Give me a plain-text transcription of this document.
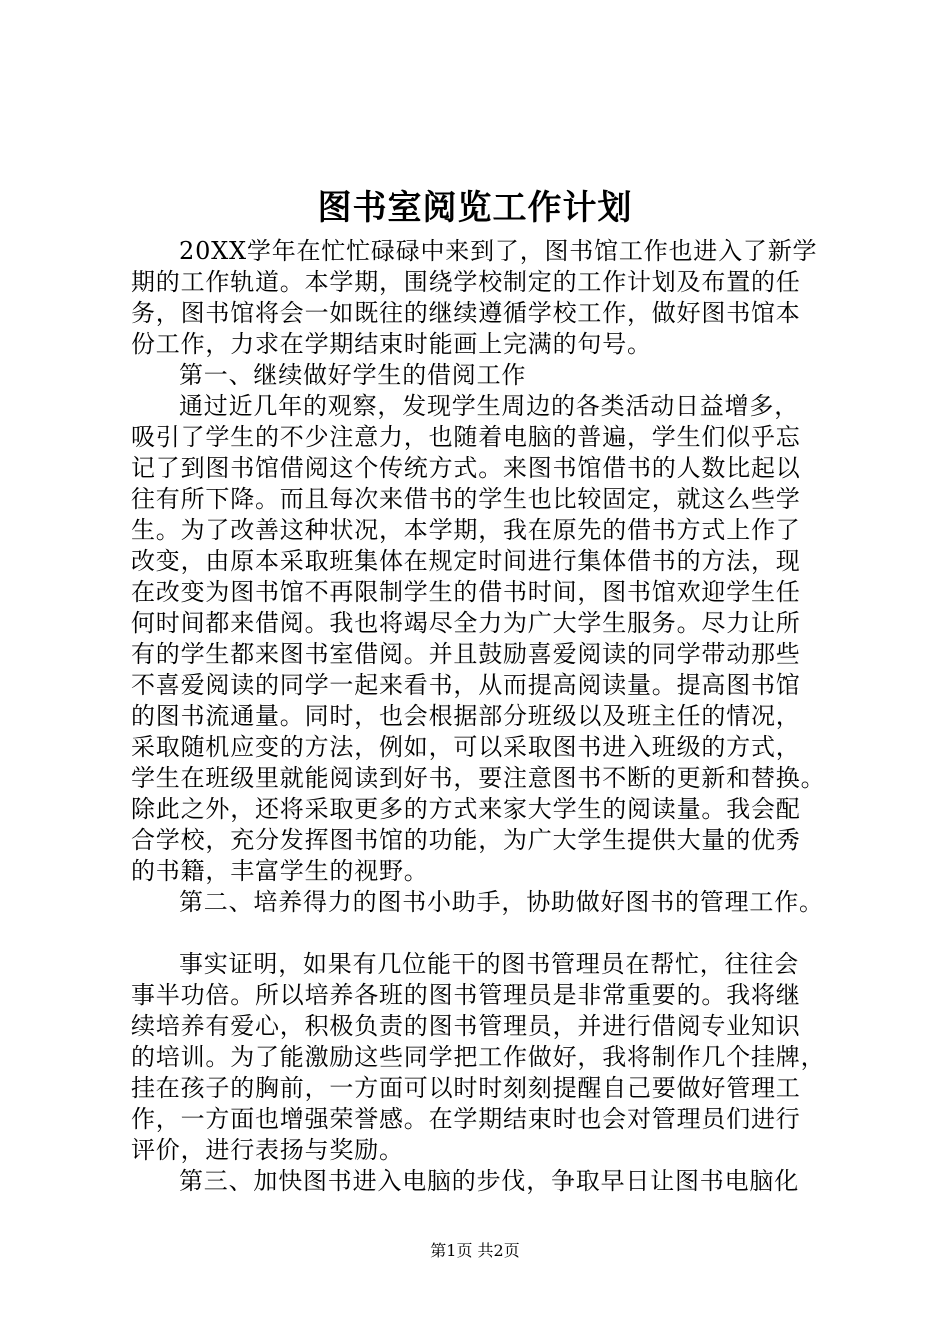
图书室阅览工作计划
20XX学年在忙忙碌碌中来到了，图书馆工作也进入了新学
期的工作轨道。本学期，围绕学校制定的工作计划及布置的任
务，图书馆将会一如既往的继续遵循学校工作，做好图书馆本
份工作，力求在学期结束时能画上完满的句号。
第一、继续做好学生的借阅工作
通过近几年的观察，发现学生周边的各类活动日益增多，
吸引了学生的不少注意力，也随着电脑的普遍，学生们似乎忘
记了到图书馆借阅这个传统方式。来图书馆借书的人数比起以
往有所下降。而且每次来借书的学生也比较固定，就这么些学
生。为了改善这种状况，本学期，我在原先的借书方式上作了
改变，由原本采取班集体在规定时间进行集体借书的方法，现
在改变为图书馆不再限制学生的借书时间，图书馆欢迎学生任
何时间都来借阅。我也将竭尽全力为广大学生服务。尽力让所
有的学生都来图书室借阅。并且鼓励喜爱阅读的同学带动那些
不喜爱阅读的同学一起来看书，从而提高阅读量。提高图书馆
的图书流通量。同时，也会根据部分班级以及班主任的情况，
采取随机应变的方法，例如，可以采取图书进入班级的方式，
学生在班级里就能阅读到好书，要注意图书不断的更新和替换。
除此之外，还将采取更多的方式来家大学生的阅读量。我会配
合学校，充分发挥图书馆的功能，为广大学生提供大量的优秀
的书籍，丰富学生的视野。
第二、培养得力的图书小助手，协助做好图书的管理工作。
事实证明，如果有几位能干的图书管理员在帮忙，往往会
事半功倍。所以培养各班的图书管理员是非常重要的。我将继
续培养有爱心，积极负责的图书管理员，并进行借阅专业知识
的培训。为了能激励这些同学把工作做好，我将制作几个挂牌，
挂在孩子的胸前，一方面可以时时刻刻提醒自己要做好管理工
作，一方面也增强荣誉感。在学期结束时也会对管理员们进行
评价，进行表扬与奖励。
第三、加快图书进入电脑的步伐，争取早日让图书电脑化
第1页 共2页
